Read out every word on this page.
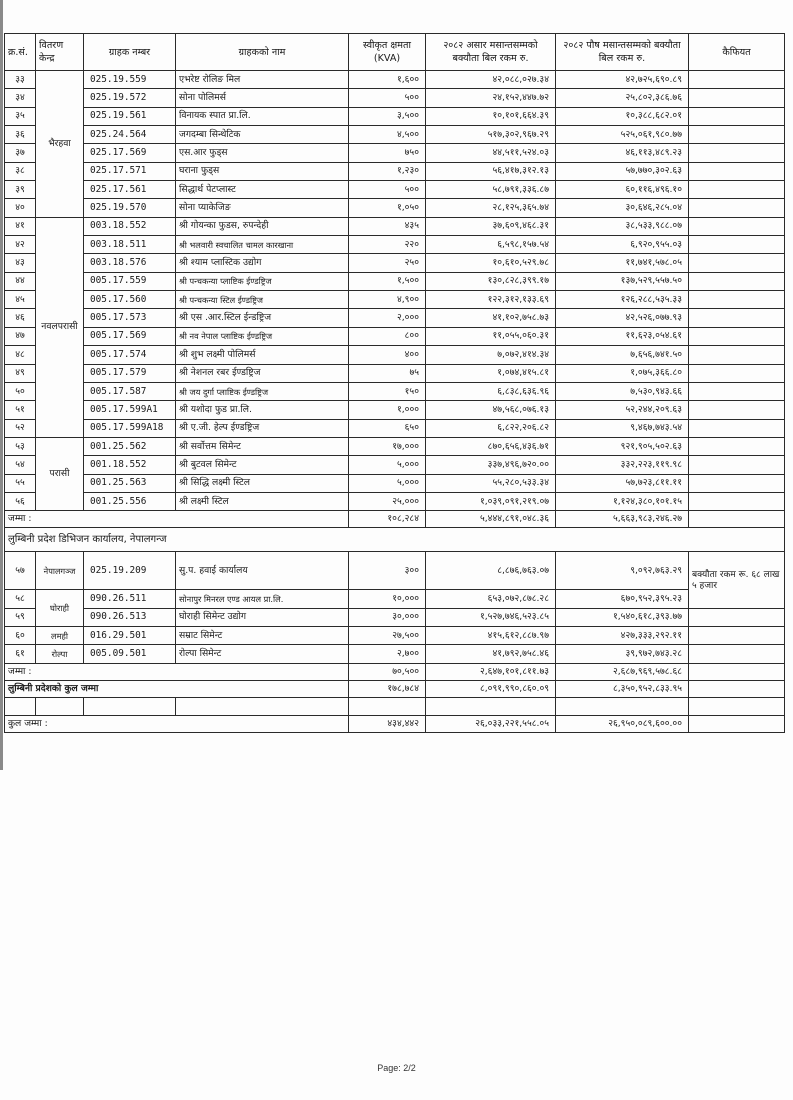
क्र.सं.	वितरण केन्द्र	ग्राहक नम्बर	ग्राहकको नाम	स्वीकृत क्षमता (KVA)	२०८२ असार मसान्तसम्मको बक्यौता बिल रकम रु.	२०८२ पौष मसान्तसम्मको बक्यौता बिल रकम रु.	कैफियत
३३	भैरहवा	025.19.559	एभरेष्ट रोलिङ मिल	१,६००	४२,०८८,०२७.३४	४२,७२५,६९०.८९	
३४		025.19.572	सोना पोलिमर्स	५००	२४,१५२,४४७.७२	२५,८०२,३८६.७६	
३५		025.19.561	विनायक स्पात प्रा.लि.	३,५००	१०,१०१,६६४.३९	१०,३८८,६८२.०१	
३६		025.24.564	जगदम्बा सिन्थेटिक	४,५००	५१७,३०२,९६७.२९	५२५,०६१,९८०.७७	
३७		025.17.569	एस.आर फुड्स	७५०	४४,५११,५२४.०३	४६,११३,४८९.२३	
३८		025.17.571	घराना फुड्स	१,२३०	५६,४१७,३१२.१३	५७,७७०,३०२.६३	
३९		025.17.561	सिद्धार्थ पेटप्लास्ट	५००	५८,७९१,३३६.८७	६०,११६,४९६.१०	
४०		025.19.570	सोना प्याकेजिङ	१,०५०	२८,१२५,३६५.७४	३०,६४६,२८५.०४	
४१	नवलपरासी	003.18.552	श्री गोयन्का फुडस, रुपन्देही	४३५	३७,६०९,४६८.३१	३८,५३३,९८८.०७	
४२		003.18.511	श्री भलवारी स्वचालित चामल कारखाना	२२०	६,५९८,१५७.५४	६,९२०,९५५.०३	
४३		003.18.576	श्री श्याम प्लास्टिक उद्योग	२५०	१०,६१०,५२९.७८	११,७४१,५७८.०५	
४४		005.17.559	श्री पन्चकन्या प्लाष्टिक ईण्डष्ट्रिज	१,५००	१३०,८२८,३९९.१७	१३७,५२९,५५७.५०	
४५		005.17.560	श्री पन्चकन्या स्टिल ईण्डष्ट्रिज	४,९००	१२२,३१२,१३३.६९	१२६,२८८,५३५.३३	
४६		005.17.573	श्री एस .आर.स्टिल ईन्डष्ट्रिज	२,०००	४१,१०२,७५८.७३	४२,५२६,०७७.९३	
४७		005.17.569	श्री नव नेपाल प्लाष्टिक ईण्डष्ट्रिज	८००	११,०५५,०६०.३१	११,६२३,०५४.६१	
४८		005.17.574	श्री शुभ लक्ष्मी पोलिमर्स	४००	७,०७२,४१४.३४	७,६५६,७४१.५०	
४९		005.17.579	श्री नेशनल रबर ईण्डष्ट्रिज	७५	१,०७४,४१५.८१	१,०७५,३६६.८०	
५०		005.17.587	श्री जय दुर्गा प्लाष्टिक ईण्डष्ट्रिज	१५०	६,८३८,६३६.९६	७,५३०,९४३.६६	
५१		005.17.599A1	श्री यशोदा फुड प्रा.लि.	१,०००	४७,५६८,०७६.१३	५२,२४४,२०९.६३	
५२		005.17.599A18	श्री ए.जी. हेल्प ईण्डष्ट्रिज	६५०	६,८२२,२०६.८२	९,४६७,७४३.५४	
५३	परासी	001.25.562	श्री सर्वोत्तम सिमेन्ट	१७,०००	८७०,६५६,४३६.७१	९२१,९०५,५०२.६३	
५४		001.18.552	श्री बुटवल सिमेन्ट	५,०००	३३७,४९६,७२०.००	३३२,२२३,११९.९८	
५५		001.25.563	श्री सिद्धि लक्ष्मी स्टिल	५,०००	५५,२८०,५३३.३४	५७,७२३,८११.११	
५६		001.25.556	श्री लक्ष्मी स्टिल	२५,०००	१,०३९,०९१,२१९.०७	१,१२४,३८०,१०१.१५	
जम्मा :				१०८,२८४	५,४४४,८९१,०४८.३६	५,६६३,९८३,२४६.२७	
लुम्बिनी प्रदेश डिभिजन कार्यालय, नेपालगन्ज							
५७	नेपालगञ्ज	025.19.209	सु.प. हवाई कार्यालय	३००	८,८७६,७६३.०७	९,०९२,७६३.२९	बक्यौता रकम रू. ६८ लाख ५ हजार
५८	घोराही	090.26.511	सोनापुर मिनरल एण्ड आयल प्रा.लि.	१०,०००	६५३,०७२,८७८.२८	६७०,९५२,३९५.२३	
५९		090.26.513	घोराही सिमेन्ट उद्योग	३०,०००	१,५२७,७४६,५२३.८५	१,५४०,६१८,३९३.७७	
६०	लमही	016.29.501	सम्राट सिमेन्ट	२७,५००	४१५,६१२,८८७.९७	४२७,३३३,२९२.११	
६१	रोल्पा	005.09.501	रोल्पा सिमेन्ट	२,७००	४१,७९२,७५८.४६	३९,९७२,७४३.२८	
जम्मा :				७०,५००	२,६४७,१०१,८११.७३	२,६८७,९६९,५७८.६८	
लुम्बिनी प्रदेशको कुल जम्मा				१७८,७८४	८,०९१,९९०,८६०.०९	८,३५०,९५२,८३३.९५	

कुल जम्मा :				४३४,४४२	२६,०३३,२२१,५५८.०५	२६,९५०,०८९,६००.००	
Page: 2/2
